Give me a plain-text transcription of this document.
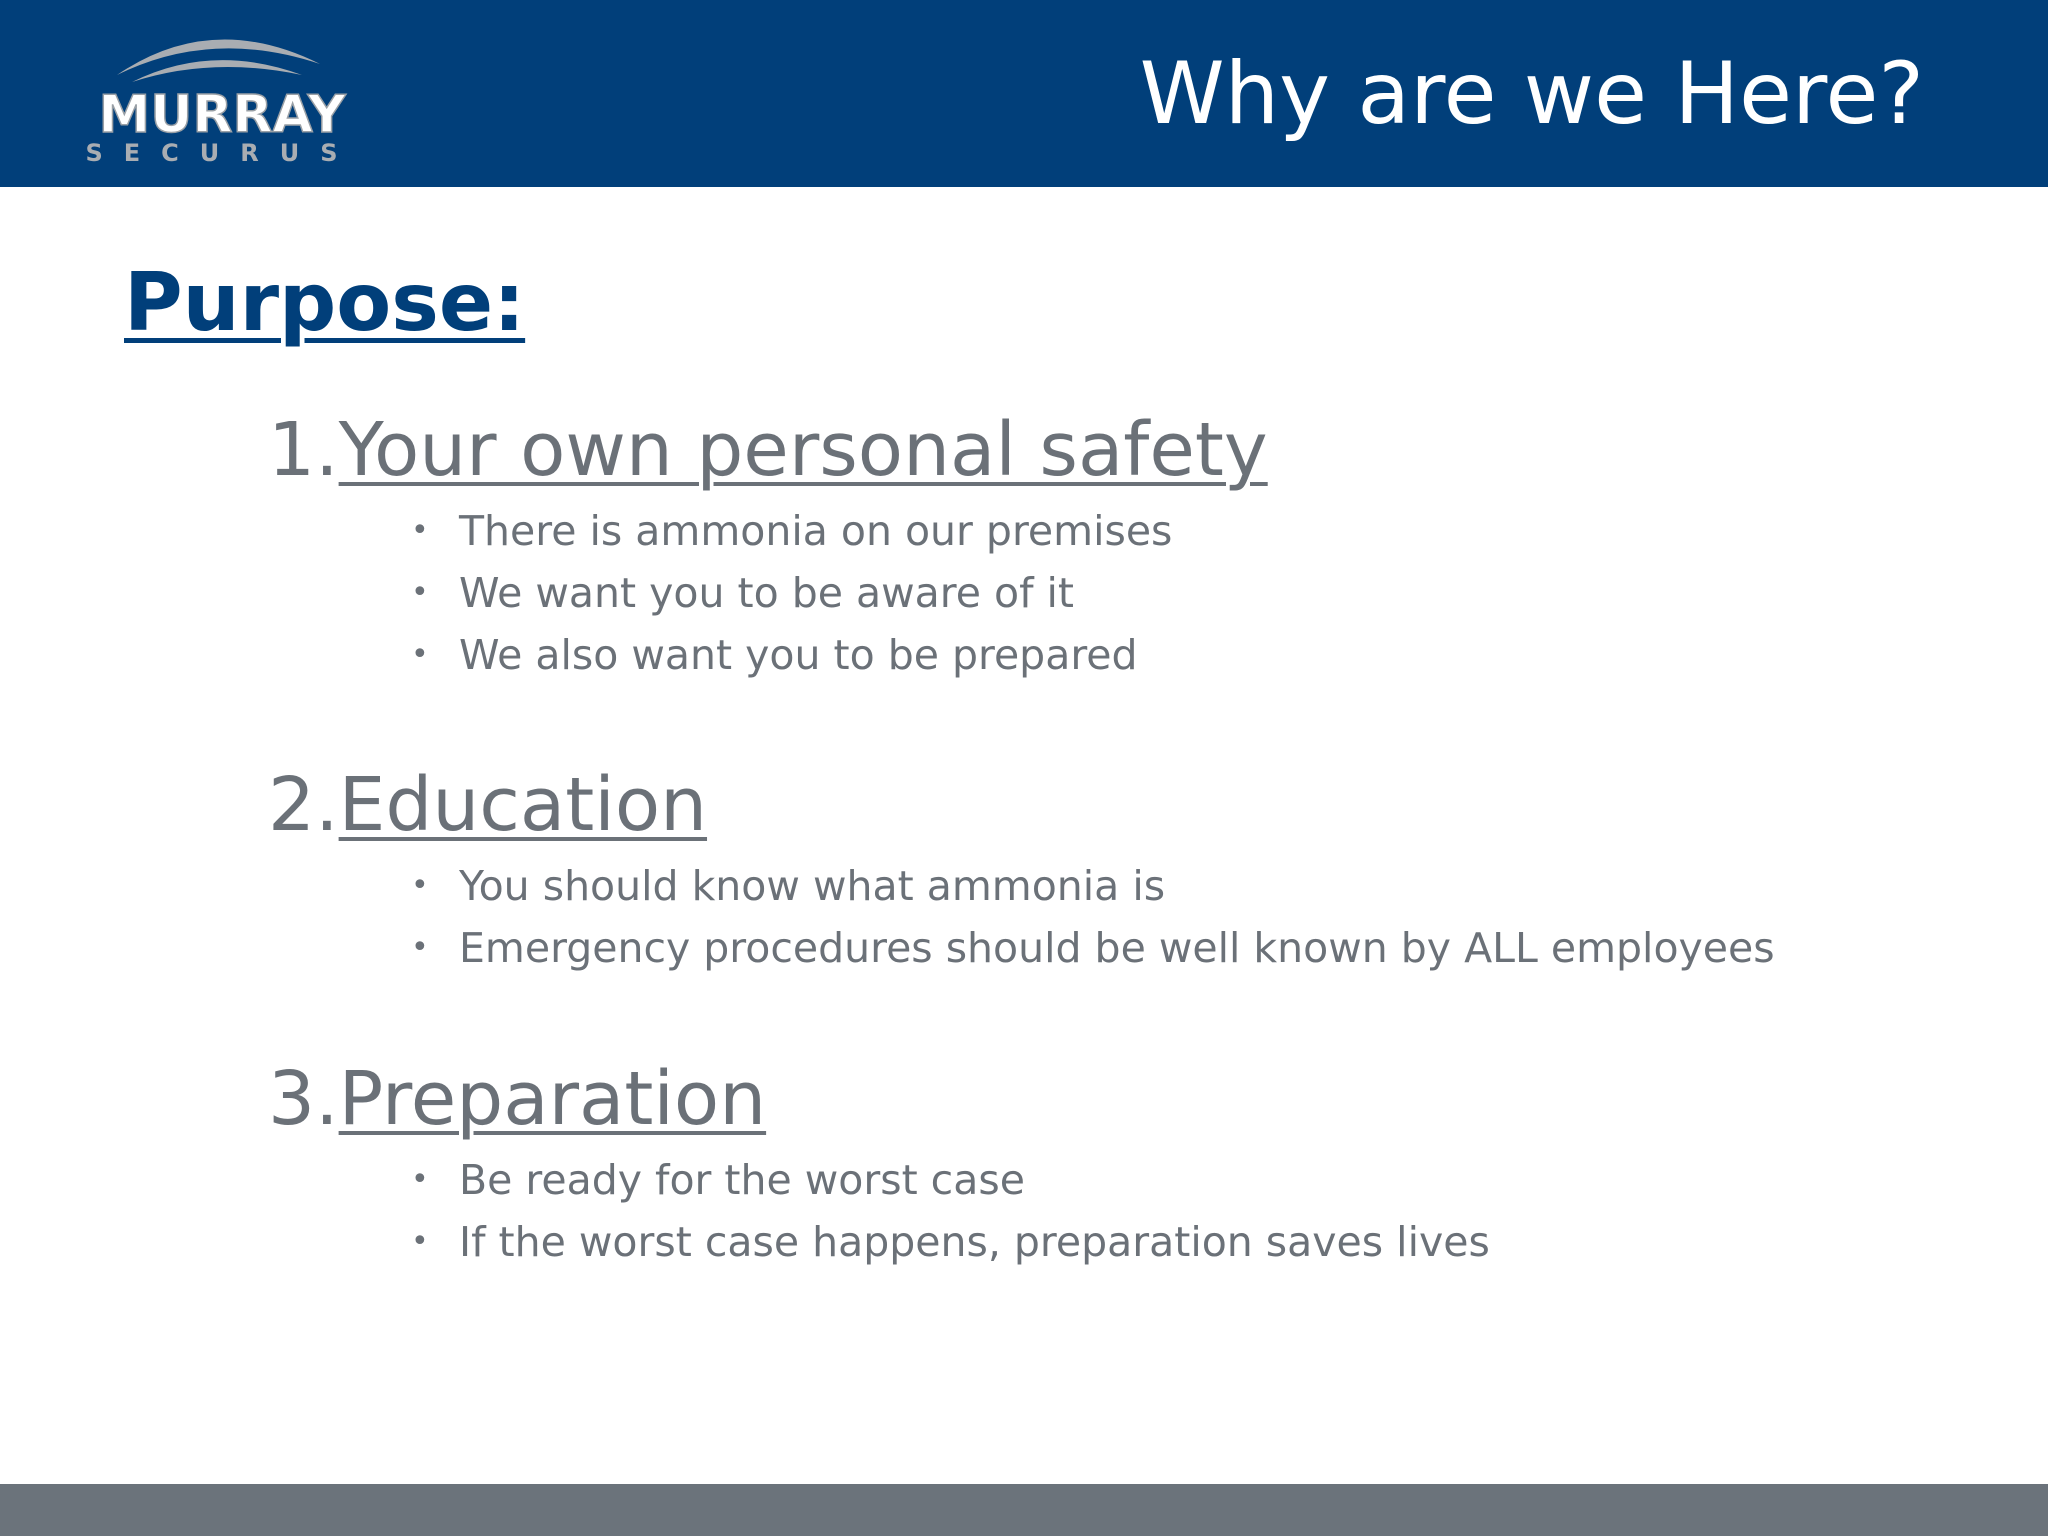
MURRAY
SECURUS
Why are we Here?
Purpose:
1.Your own personal safety
• There is ammonia on our premises
• We want you to be aware of it
• We also want you to be prepared
2.Education
• You should know what ammonia is
• Emergency procedures should be well known by ALL employees
3.Preparation
• Be ready for the worst case
• If the worst case happens, preparation saves lives
